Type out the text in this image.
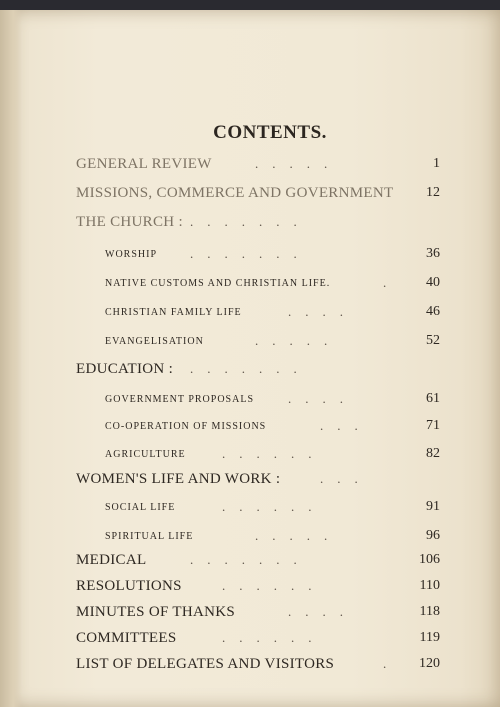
CONTENTS.
GENERAL REVIEW	.....	1
MISSIONS, COMMERCE AND GOVERNMENT 12
THE CHURCH : .......
WORSHIP	.......	36
NATIVE CUSTOMS AND CHRISTIAN LIFE.	. 40
CHRISTIAN FAMILY LIFE	....	46
EVANGELISATION	.....	52
EDUCATION : .......
GOVERNMENT PROPOSALS	....	61
CO-OPERATION OF MISSIONS	...	71
AGRICULTURE	......	82
WOMEN'S LIFE AND WORK :	...
SOCIAL LIFE	......	91
SPIRITUAL LIFE	.....	96
MEDICAL	.......	106
RESOLUTIONS	......	110
MINUTES OF THANKS	....	118
COMMITTEES	......	119
LIST OF DELEGATES AND VISITORS	. 120
